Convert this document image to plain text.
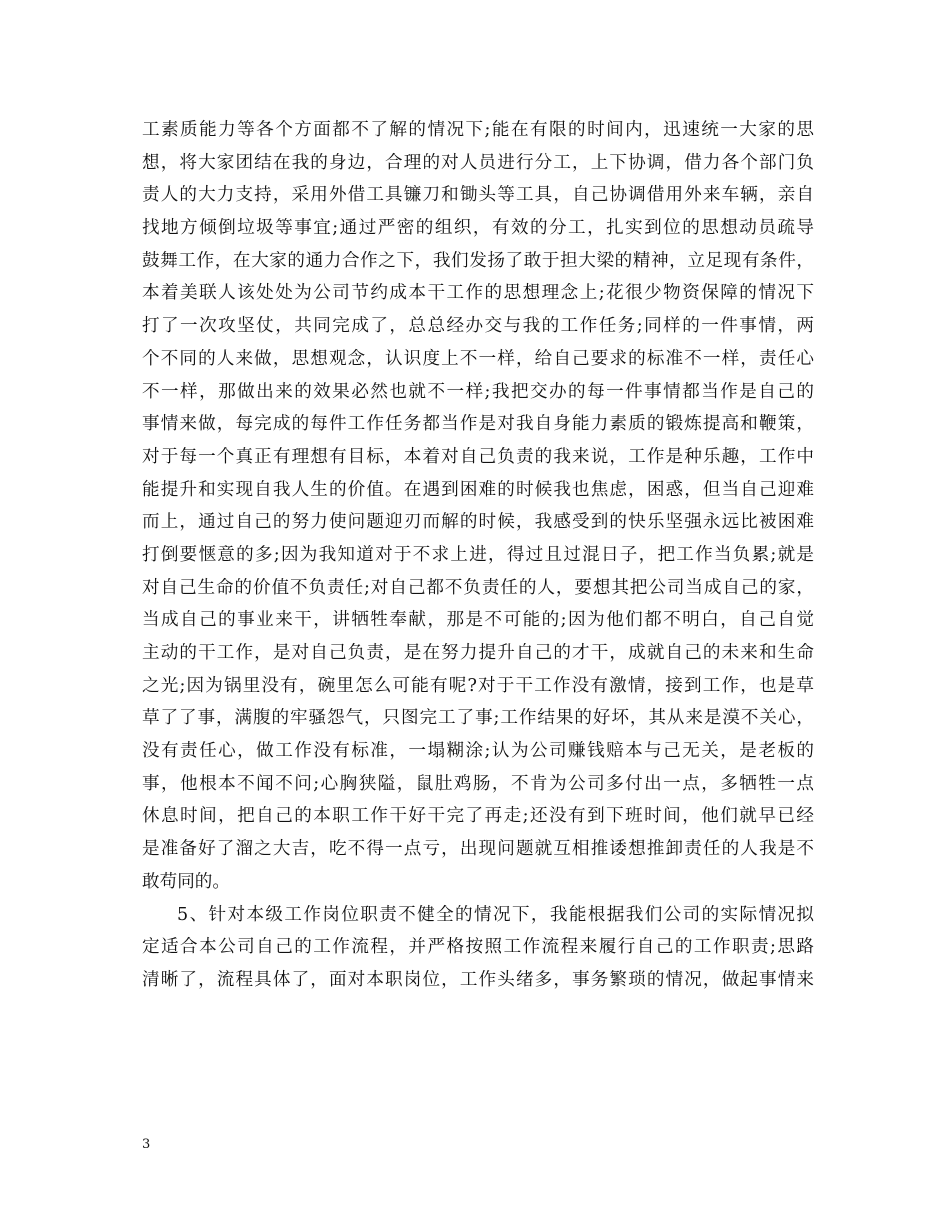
工素质能力等各个方面都不了解的情况下;能在有限的时间内，迅速统一大家的思
想，将大家团结在我的身边，合理的对人员进行分工，上下协调，借力各个部门负
责人的大力支持，采用外借工具镰刀和锄头等工具，自己协调借用外来车辆，亲自
找地方倾倒垃圾等事宜;通过严密的组织，有效的分工，扎实到位的思想动员疏导
鼓舞工作，在大家的通力合作之下，我们发扬了敢于担大梁的精神，立足现有条件，
本着美联人该处处为公司节约成本干工作的思想理念上;花很少物资保障的情况下
打了一次攻坚仗，共同完成了，总总经办交与我的工作任务;同样的一件事情，两
个不同的人来做，思想观念，认识度上不一样，给自己要求的标准不一样，责任心
不一样，那做出来的效果必然也就不一样;我把交办的每一件事情都当作是自己的
事情来做，每完成的每件工作任务都当作是对我自身能力素质的锻炼提高和鞭策，
对于每一个真正有理想有目标，本着对自己负责的我来说，工作是种乐趣，工作中
能提升和实现自我人生的价值。在遇到困难的时候我也焦虑，困惑，但当自己迎难
而上，通过自己的努力使问题迎刃而解的时候，我感受到的快乐坚强永远比被困难
打倒要惬意的多;因为我知道对于不求上进，得过且过混日子，把工作当负累;就是
对自己生命的价值不负责任;对自己都不负责任的人，要想其把公司当成自己的家，
当成自己的事业来干，讲牺牲奉献，那是不可能的;因为他们都不明白，自己自觉
主动的干工作，是对自己负责，是在努力提升自己的才干，成就自己的未来和生命
之光;因为锅里没有，碗里怎么可能有呢?对于干工作没有激情，接到工作，也是草
草了了事，满腹的牢骚怨气，只图完工了事;工作结果的好坏，其从来是漠不关心，
没有责任心，做工作没有标准，一塌糊涂;认为公司赚钱赔本与己无关，是老板的
事，他根本不闻不问;心胸狭隘，鼠肚鸡肠，不肯为公司多付出一点，多牺牲一点
休息时间，把自己的本职工作干好干完了再走;还没有到下班时间，他们就早已经
是准备好了溜之大吉，吃不得一点亏，出现问题就互相推诿想推卸责任的人我是不
敢苟同的。
5、针对本级工作岗位职责不健全的情况下，我能根据我们公司的实际情况拟
定适合本公司自己的工作流程，并严格按照工作流程来履行自己的工作职责;思路
清晰了，流程具体了，面对本职岗位，工作头绪多，事务繁琐的情况，做起事情来
3
